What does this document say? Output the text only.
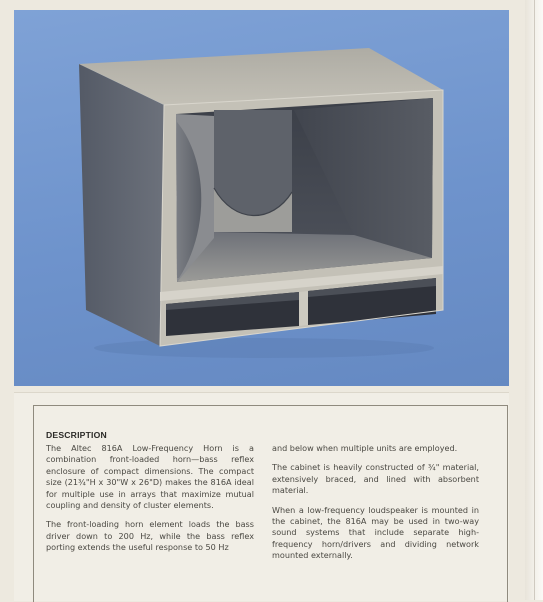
DESCRIPTION

The Altec 816A Low-Frequency Horn is a combination front-loaded horn—bass reflex enclosure of compact dimensions. The compact size (21¾"H x 30"W x 26"D) makes the 816A ideal for multiple use in arrays that maximize mutual coupling and density of cluster elements.

The front-loading horn element loads the bass driver down to 200 Hz, while the bass reflex porting extends the useful response to 50 Hz

and below when multiple units are employed.

The cabinet is heavily constructed of ¾" material, extensively braced, and lined with absorbent material.

When a low-frequency loudspeaker is mounted in the cabinet, the 816A may be used in two-way sound systems that include separate high-frequency horn/drivers and dividing network mounted externally.
